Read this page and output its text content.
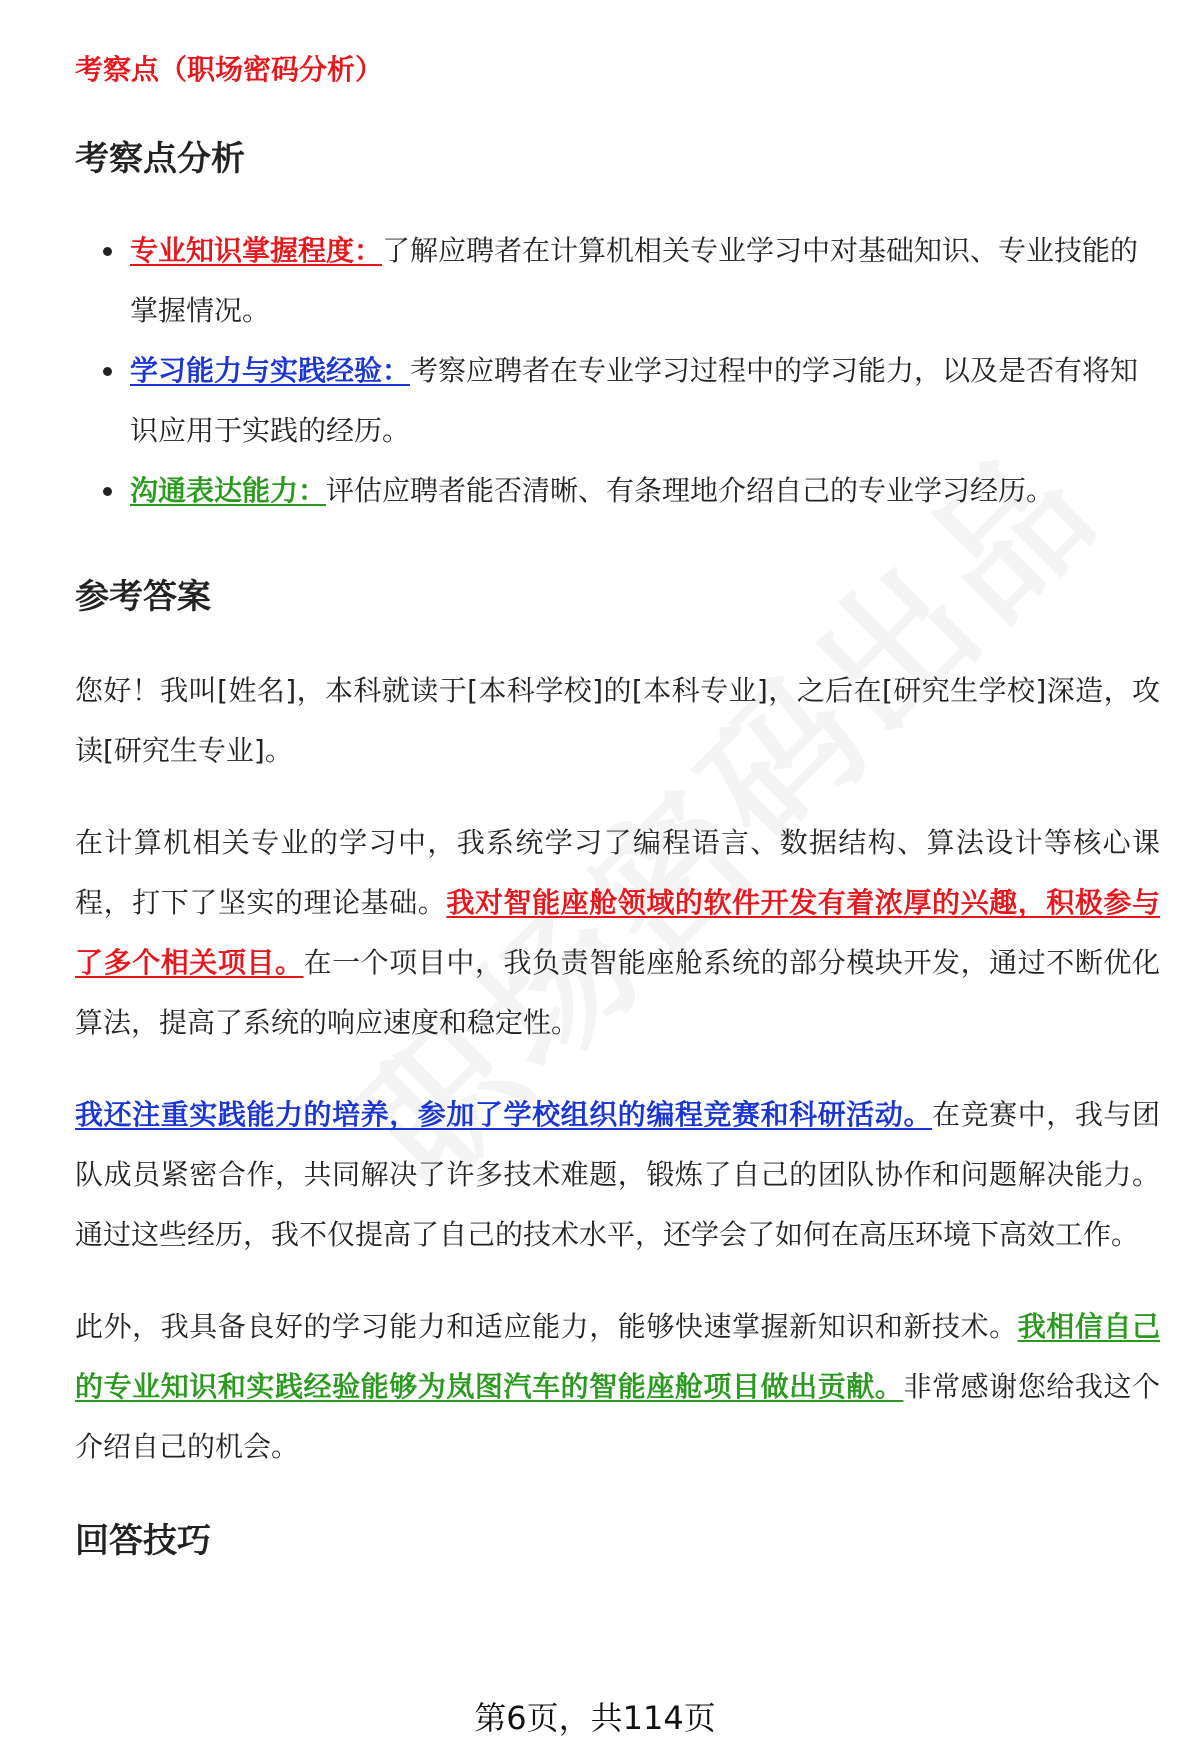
考察点（职场密码分析）
考察点分析
专业知识掌握程度：了解应聘者在计算机相关专业学习中对基础知识、专业技能的掌握情况。
学习能力与实践经验：考察应聘者在专业学习过程中的学习能力，以及是否有将知识应用于实践的经历。
沟通表达能力：评估应聘者能否清晰、有条理地介绍自己的专业学习经历。
参考答案

您好！我叫[姓名]，本科就读于[本科学校]的[本科专业]，之后在[研究生学校]深造，攻读[研究生专业]。

在计算机相关专业的学习中，我系统学习了编程语言、数据结构、算法设计等核心课程，打下了坚实的理论基础。我对智能座舱领域的软件开发有着浓厚的兴趣，积极参与了多个相关项目。在一个项目中，我负责智能座舱系统的部分模块开发，通过不断优化算法，提高了系统的响应速度和稳定性。

我还注重实践能力的培养，参加了学校组织的编程竞赛和科研活动。在竞赛中，我与团队成员紧密合作，共同解决了许多技术难题，锻炼了自己的团队协作和问题解决能力。通过这些经历，我不仅提高了自己的技术水平，还学会了如何在高压环境下高效工作。

此外，我具备良好的学习能力和适应能力，能够快速掌握新知识和新技术。我相信自己的专业知识和实践经验能够为岚图汽车的智能座舱项目做出贡献。非常感谢您给我这个介绍自己的机会。

回答技巧
第6页，共114页
